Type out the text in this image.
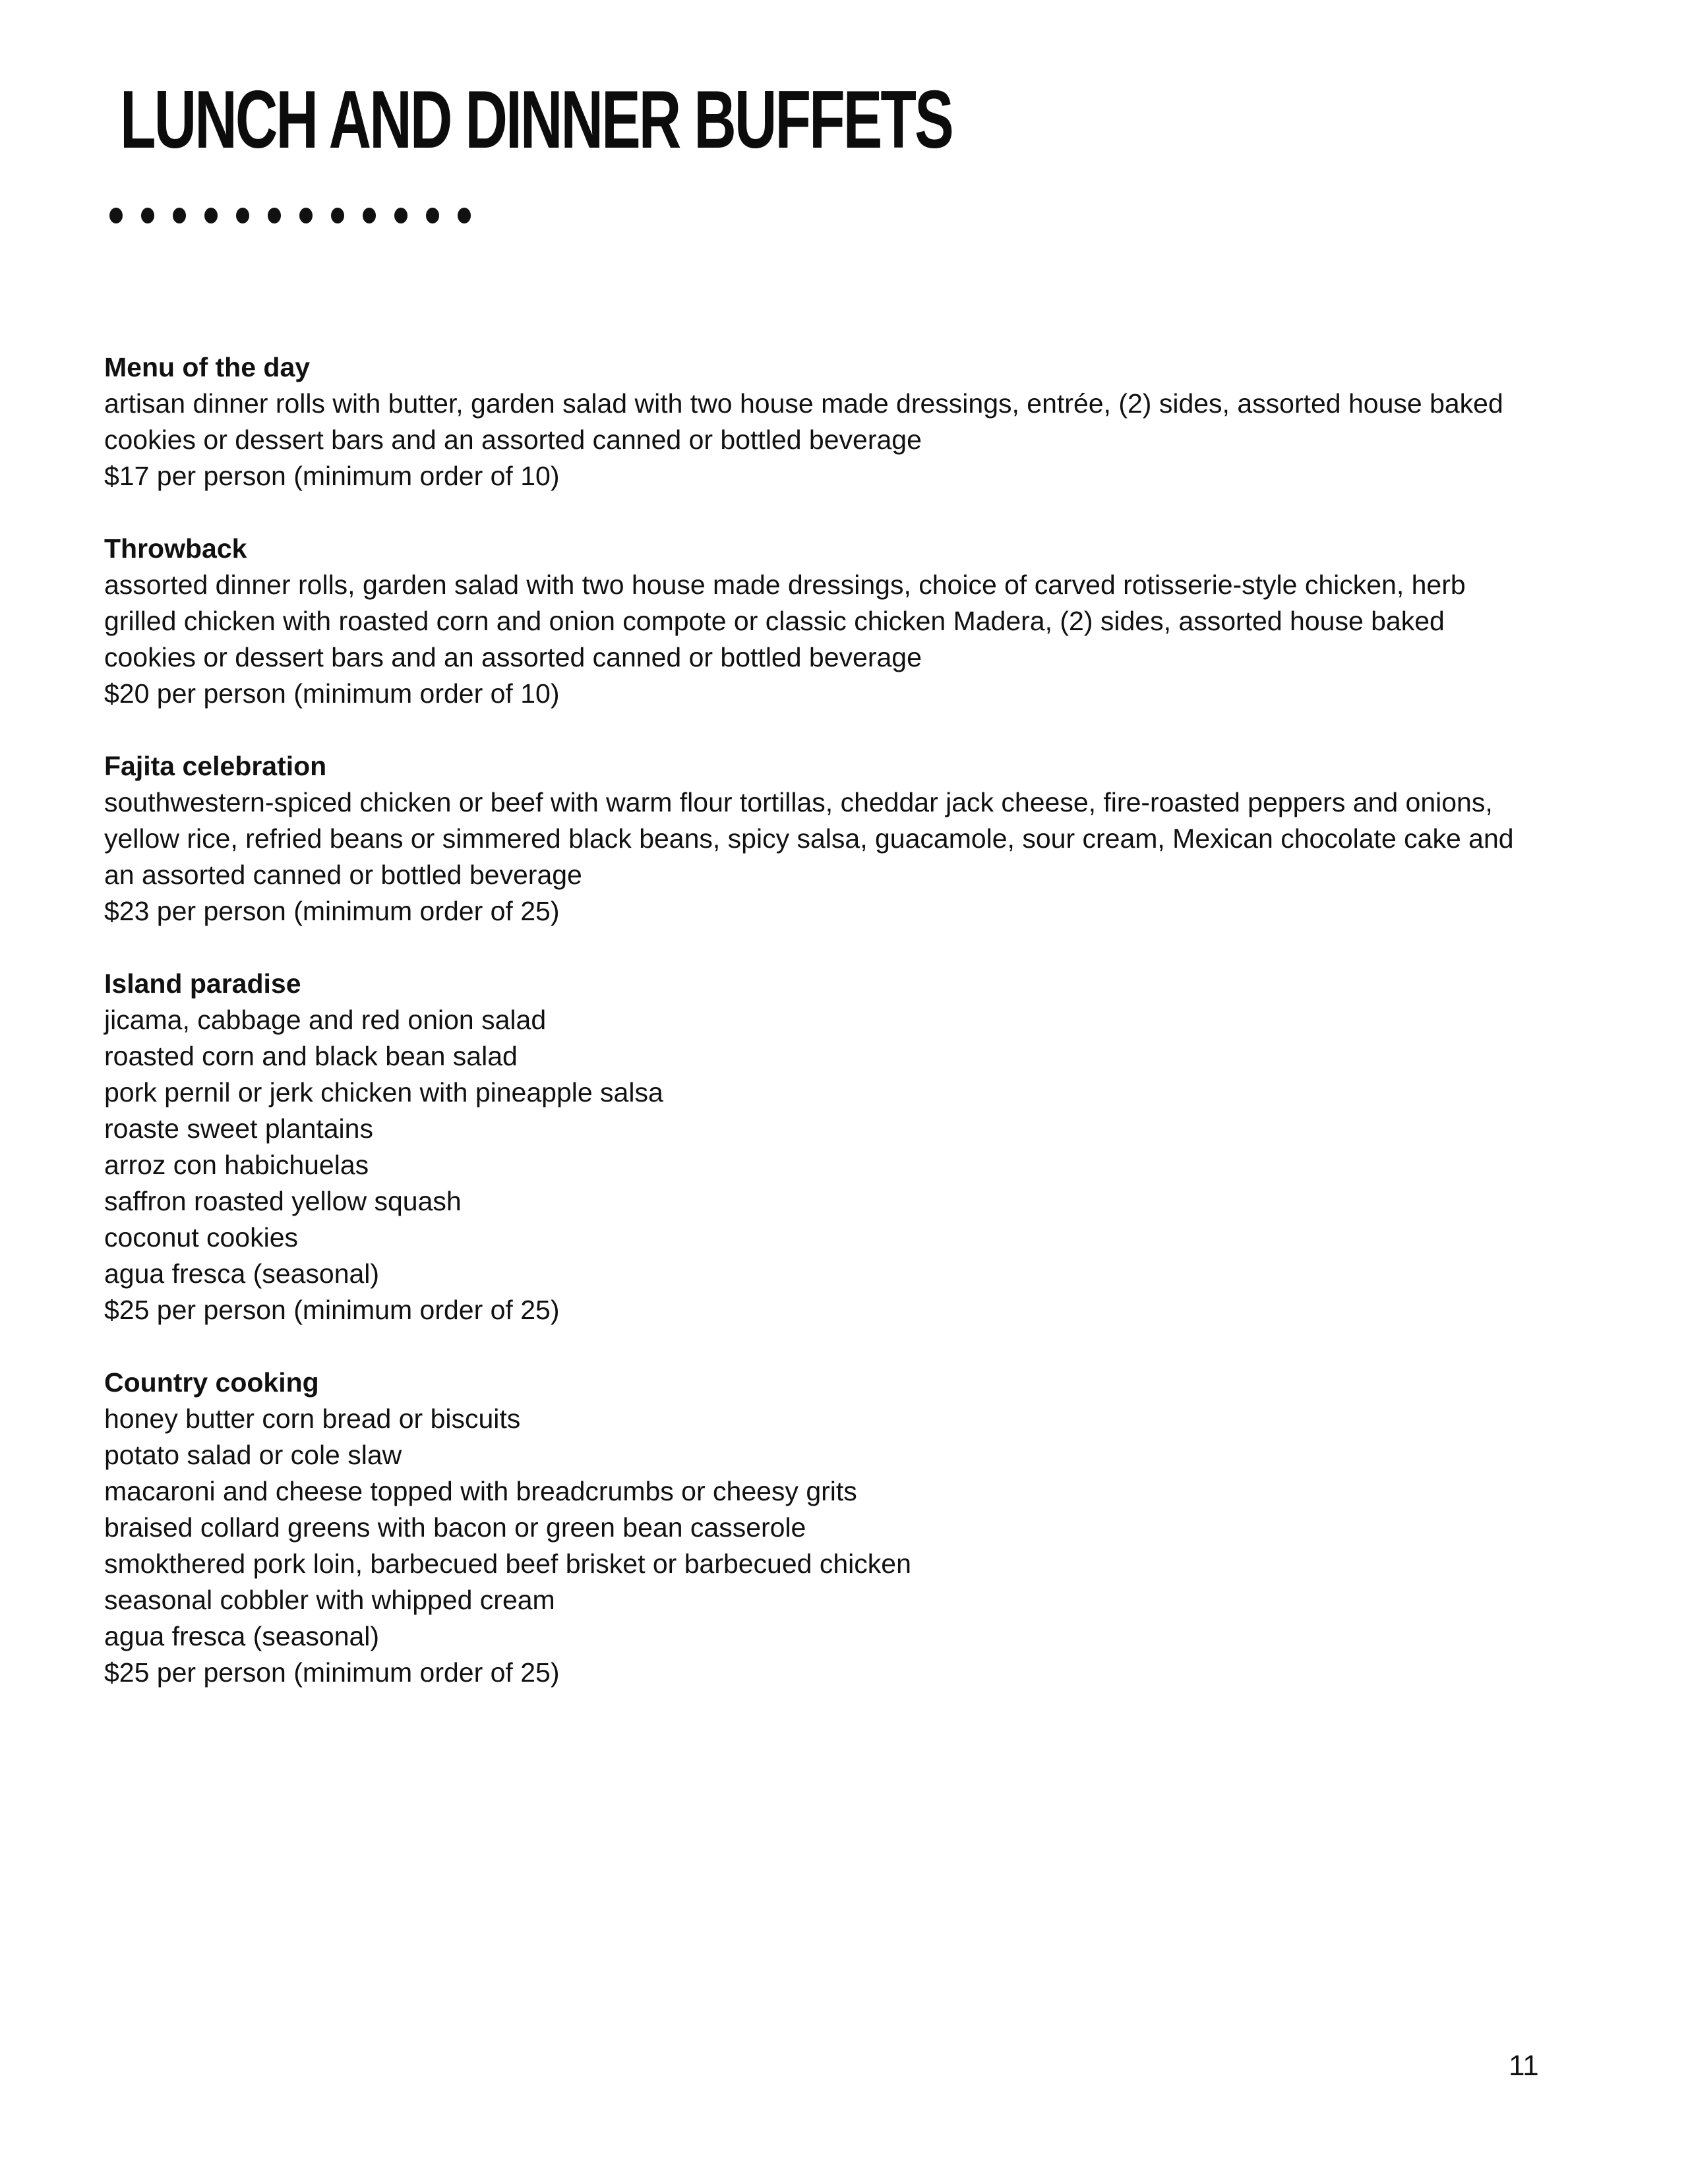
LUNCH AND DINNER BUFFETS
Menu of the day
artisan dinner rolls with butter, garden salad with two house made dressings, entrée, (2) sides, assorted house baked
cookies or dessert bars and an assorted canned or bottled beverage
$17 per person (minimum order of 10)
Throwback
assorted dinner rolls, garden salad with two house made dressings, choice of carved rotisserie-style chicken, herb
grilled chicken with roasted corn and onion compote or classic chicken Madera, (2) sides, assorted house baked
cookies or dessert bars and an assorted canned or bottled beverage
$20 per person (minimum order of 10)
Fajita celebration
southwestern-spiced chicken or beef with warm flour tortillas, cheddar jack cheese, fire-roasted peppers and onions,
yellow rice, refried beans or simmered black beans, spicy salsa, guacamole, sour cream, Mexican chocolate cake and
an assorted canned or bottled beverage
$23 per person (minimum order of 25)
Island paradise
jicama, cabbage and red onion salad
roasted corn and black bean salad
pork pernil or jerk chicken with pineapple salsa
roaste sweet plantains
arroz con habichuelas
saffron roasted yellow squash
coconut cookies
agua fresca (seasonal)
$25 per person (minimum order of 25)
Country cooking
honey butter corn bread or biscuits
potato salad or cole slaw
macaroni and cheese topped with breadcrumbs or cheesy grits
braised collard greens with bacon or green bean casserole
smokthered pork loin, barbecued beef brisket or barbecued chicken
seasonal cobbler with whipped cream
agua fresca (seasonal)
$25 per person (minimum order of 25)
11
